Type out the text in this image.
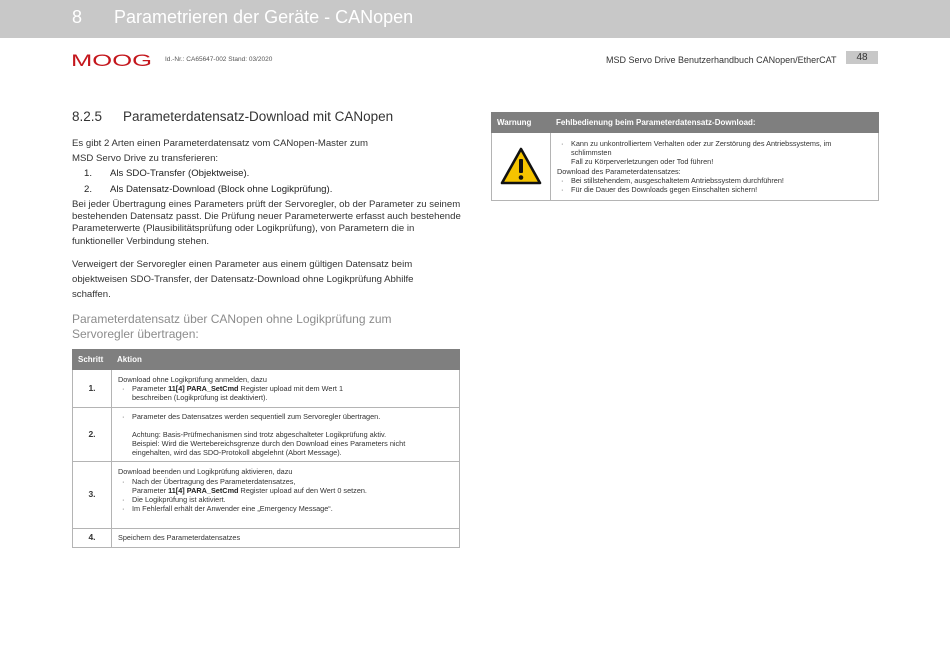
8 Parametrieren der Geräte - CANopen
MOOG Id.-Nr.: CA65647-002 Stand: 03/2020	MSD Servo Drive Benutzerhandbuch CANopen/EtherCAT	48
8.2.5 Parameterdatensatz-Download mit CANopen
Es gibt 2 Arten einen Parameterdatensatz vom CANopen-Master zum
MSD Servo Drive zu transferieren:
1. Als SDO-Transfer (Objektweise).
2. Als Datensatz-Download (Block ohne Logikprüfung).
Bei jeder Übertragung eines Parameters prüft der Servoregler, ob der Parameter zu seinem bestehenden Datensatz passt. Die Prüfung neuer Parameterwerte erfasst auch bestehende Parameterwerte (Plausibilitätsprüfung oder Logikprüfung), von Parametern die in funktioneller Verbindung stehen.
Verweigert der Servoregler einen Parameter aus einem gültigen Datensatz beim
objektweisen SDO-Transfer, der Datensatz-Download ohne Logikprüfung Abhilfe
schaffen.
Parameterdatensatz über CANopen ohne Logikprüfung zum
Servoregler übertragen:
Schritt	Aktion
1.	Download ohne Logikprüfung anmelden, dazu
· Parameter 11[4] PARA_SetCmd Register upload mit dem Wert 1
beschreiben (Logikprüfung ist deaktiviert).

2.	· Parameter des Datensatzes werden sequentiell zum Servoregler übertragen.
Achtung: Basis-Prüfmechanismen sind trotz abgeschalteter Logikprüfung aktiv.
Beispiel: Wird die Wertebereichsgrenze durch den Download eines Parameters nicht
eingehalten, wird das SDO-Protokoll abgelehnt (Abort Message).

3.	Download beenden und Logikprüfung aktivieren, dazu
· Nach der Übertragung des Parameterdatensatzes,
Parameter 11[4] PARA_SetCmd Register upload auf den Wert 0 setzen.
· Die Logikprüfung ist aktiviert.
· Im Fehlerfall erhält der Anwender eine „Emergency Message“.

4.	Speichern des Parameterdatensatzes
Warnung	Fehlbedienung beim Parameterdatensatz-Download:

· Kann zu unkontrolliertem Verhalten oder zur Zerstörung des Antriebssystems, im schlimmsten
Fall zu Körperverletzungen oder Tod führen!
Download des Parameterdatensatzes:
· Bei stillstehendem, ausgeschaltetem Antriebssystem durchführen!
· Für die Dauer des Downloads gegen Einschalten sichern!
